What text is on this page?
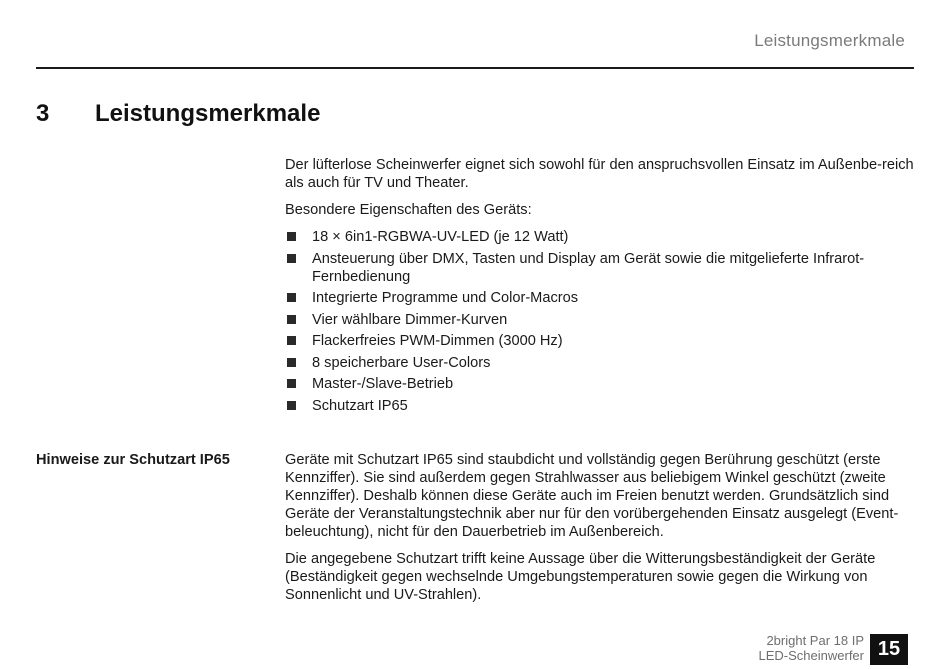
Leistungsmerkmale
3	Leistungsmerkmale

Der lüfterlose Scheinwerfer eignet sich sowohl für den anspruchsvollen Einsatz im Außenbe-reich als auch für TV und Theater.

Besondere Eigenschaften des Geräts:

18 × 6in1-RGBWA-UV-LED (je 12 Watt)
Ansteuerung über DMX, Tasten und Display am Gerät sowie die mitgelieferte Infrarot-Fernbedienung
Integrierte Programme und Color-Macros
Vier wählbare Dimmer-Kurven
Flackerfreies PWM-Dimmen (3000 Hz)
8 speicherbare User-Colors
Master-/Slave-Betrieb
Schutzart IP65
Hinweise zur Schutzart IP65	Geräte mit Schutzart IP65 sind staubdicht und vollständig gegen Berührung geschützt (erste Kennziffer). Sie sind außerdem gegen Strahlwasser aus beliebigem Winkel geschützt (zweite Kennziffer). Deshalb können diese Geräte auch im Freien benutzt werden. Grundsätzlich sind Geräte der Veranstaltungstechnik aber nur für den vorübergehenden Einsatz ausgelegt (Event-beleuchtung), nicht für den Dauerbetrieb im Außenbereich.

Die angegebene Schutzart trifft keine Aussage über die Witterungsbeständigkeit der Geräte (Beständigkeit gegen wechselnde Umgebungstemperaturen sowie gegen die Wirkung von Sonnenlicht und UV-Strahlen).

2bright Par 18 IP
LED-Scheinwerfer 15
